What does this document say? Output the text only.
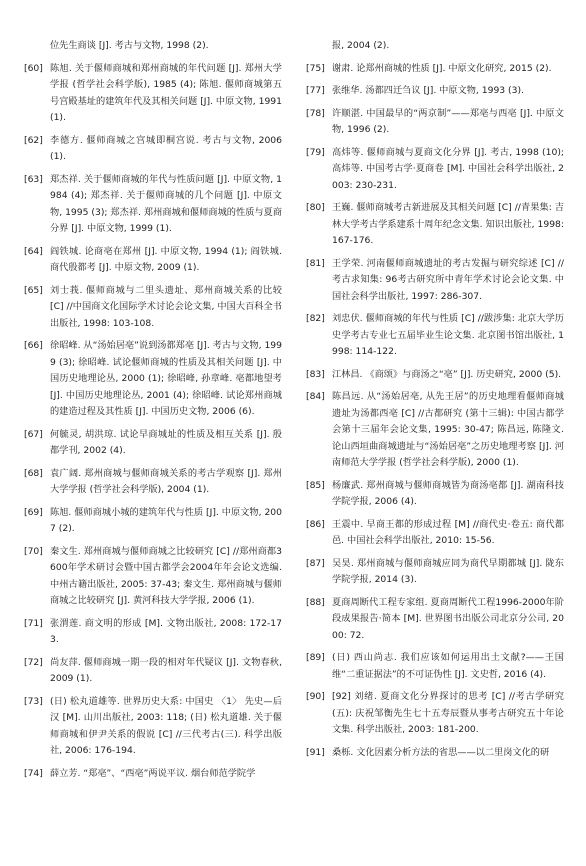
位先生商谈 [J]. 考古与文物, 1998 (2).
[60] 陈旭. 关于偃师商城和郑州商城的年代问题 [J]. 郑州大学学报 (哲学社会科学版), 1985 (4); 陈旭. 偃师商城第五号宫殿基址的建筑年代及其相关问题 [J]. 中原文物, 1991 (1).
[62] 李德方. 偃师商城之宫城即桐宫说. 考古与文物, 2006 (1).
[63] 郑杰祥. 关于偃师商城的年代与性质问题 [J]. 中原文物, 1984 (4); 郑杰祥. 关于偃师商城的几个问题 [J]. 中原文物, 1995 (3); 郑杰祥. 郑州商城和偃师商城的性质与夏商分界 [J]. 中原文物, 1999 (1).
[64] 阎铁城. 论商亳在郑州 [J]. 中原文物, 1994 (1); 阎铁城. 商代殷都考 [J]. 中原文物, 2009 (1).
[65] 刘士莪. 偃师商城与二里头遗址、郑州商城关系的比较 [C] //中国商文化国际学术讨论会论文集, 中国大百科全书出版社, 1998: 103-108.
[66] 徐昭峰. 从“汤始居亳”说到汤都郑亳 [J]. 考古与文物, 1999 (3); 徐昭峰. 试论偃师商城的性质及其相关问题 [J]. 中国历史地理论丛, 2000 (1); 徐昭峰, 孙章峰. 亳都地望考 [J]. 中国历史地理论丛, 2001 (4); 徐昭峰. 试论郑州商城的建造过程及其性质 [J]. 中国历史文物, 2006 (6).
[67] 何毓灵, 胡洪琼. 试论早商城址的性质及相互关系 [J]. 殷都学刊, 2002 (4).
[68] 袁广阔. 郑州商城与偃师商城关系的考古学观察 [J]. 郑州大学学报 (哲学社会科学版), 2004 (1).
[69] 陈旭. 偃师商城小城的建筑年代与性质 [J]. 中原文物, 2007 (2).
[70] 秦文生. 郑州商城与偃师商城之比较研究 [C] //郑州商都3600年学术研讨会暨中国古都学会2004年年会论文选编. 中州古籍出版社, 2005: 37-43; 秦文生. 郑州商城与偃师商城之比较研究 [J]. 黄河科技大学学报, 2006 (1).
[71] 张渭莲. 商文明的形成 [M]. 文物出版社, 2008: 172-173.
[72] 尚友萍. 偃师商城一期一段的相对年代疑议 [J]. 文物春秋, 2009 (1).
[73] (日) 松丸道雄等. 世界历史大系: 中国史 〈1〉 先史—后汉 [M]. 山川出版社, 2003: 118; (日) 松丸道雄. 关于偃师商城和伊尹关系的假说 [C] //三代考古(三). 科学出版社, 2006: 176-194.
[74] 薛立芳. “郑亳”、“西亳”两说平议. 烟台师范学院学
报, 2004 (2).
[75] 谢肃. 论郑州商城的性质 [J]. 中原文化研究, 2015 (2).
[77] 张维华. 汤都四迁刍议 [J]. 中原文物, 1993 (3).
[78] 许顺湛. 中国最早的“两京制”——郑亳与西亳 [J]. 中原文物, 1996 (2).
[79] 高炜等. 偃师商城与夏商文化分界 [J]. 考古, 1998 (10); 高炜等. 中国考古学·夏商卷 [M]. 中国社会科学出版社, 2003: 230-231.
[80] 王巍. 偃师商城考古新进展及其相关问题 [C] //青果集: 吉林大学考古学系建系十周年纪念文集. 知识出版社, 1998: 167-176.
[81] 王学荣. 河南偃师商城遗址的考古发掘与研究综述 [C] //考古求知集: 96考古研究所中青年学术讨论会论文集. 中国社会科学出版社, 1997: 286-307.
[82] 刘忠伏. 偃师商城的年代与性质 [C] //跋涉集: 北京大学历史学考古专业七五届毕业生论文集. 北京图书馆出版社, 1998: 114-122.
[83] 江林昌. 《商颂》与商汤之“亳” [J]. 历史研究, 2000 (5).
[84] 陈昌远. 从“汤始居亳, 从先王居”的历史地理看偃师商城遗址为汤都西亳 [C] //古都研究 (第十三辑): 中国古都学会第十三届年会论文集, 1995: 30-47; 陈昌远, 陈隆文. 论山西垣曲商城遗址与“汤始居亳”之历史地理考察 [J]. 河南师范大学学报 (哲学社会科学版), 2000 (1).
[85] 杨廉武. 郑州商城与偃师商城皆为商汤亳都 [J]. 湖南科技学院学报, 2006 (4).
[86] 王震中. 早商王都的形成过程 [M] //商代史·卷五: 商代都邑. 中国社会科学出版社, 2010: 15-56.
[87] 吴昊. 郑州商城与偃师商城应同为商代早期都城 [J]. 陇东学院学报, 2014 (3).
[88] 夏商周断代工程专家组. 夏商周断代工程1996-2000年阶段成果报告·简本 [M]. 世界图书出版公司北京分公司, 2000: 72.
[89] (日) 西山尚志. 我们应该如何运用出土文献?——王国维“二重证据法”的不可证伪性 [J]. 文史哲, 2016 (4).
[90] [92] 刘绪. 夏商文化分界探讨的思考 [C] //考古学研究(五): 庆祝邹衡先生七十五寿辰暨从事考古研究五十年论文集. 科学出版社, 2003: 181-200.
[91] 桑栎. 文化因素分析方法的省思——以二里岗文化的研
